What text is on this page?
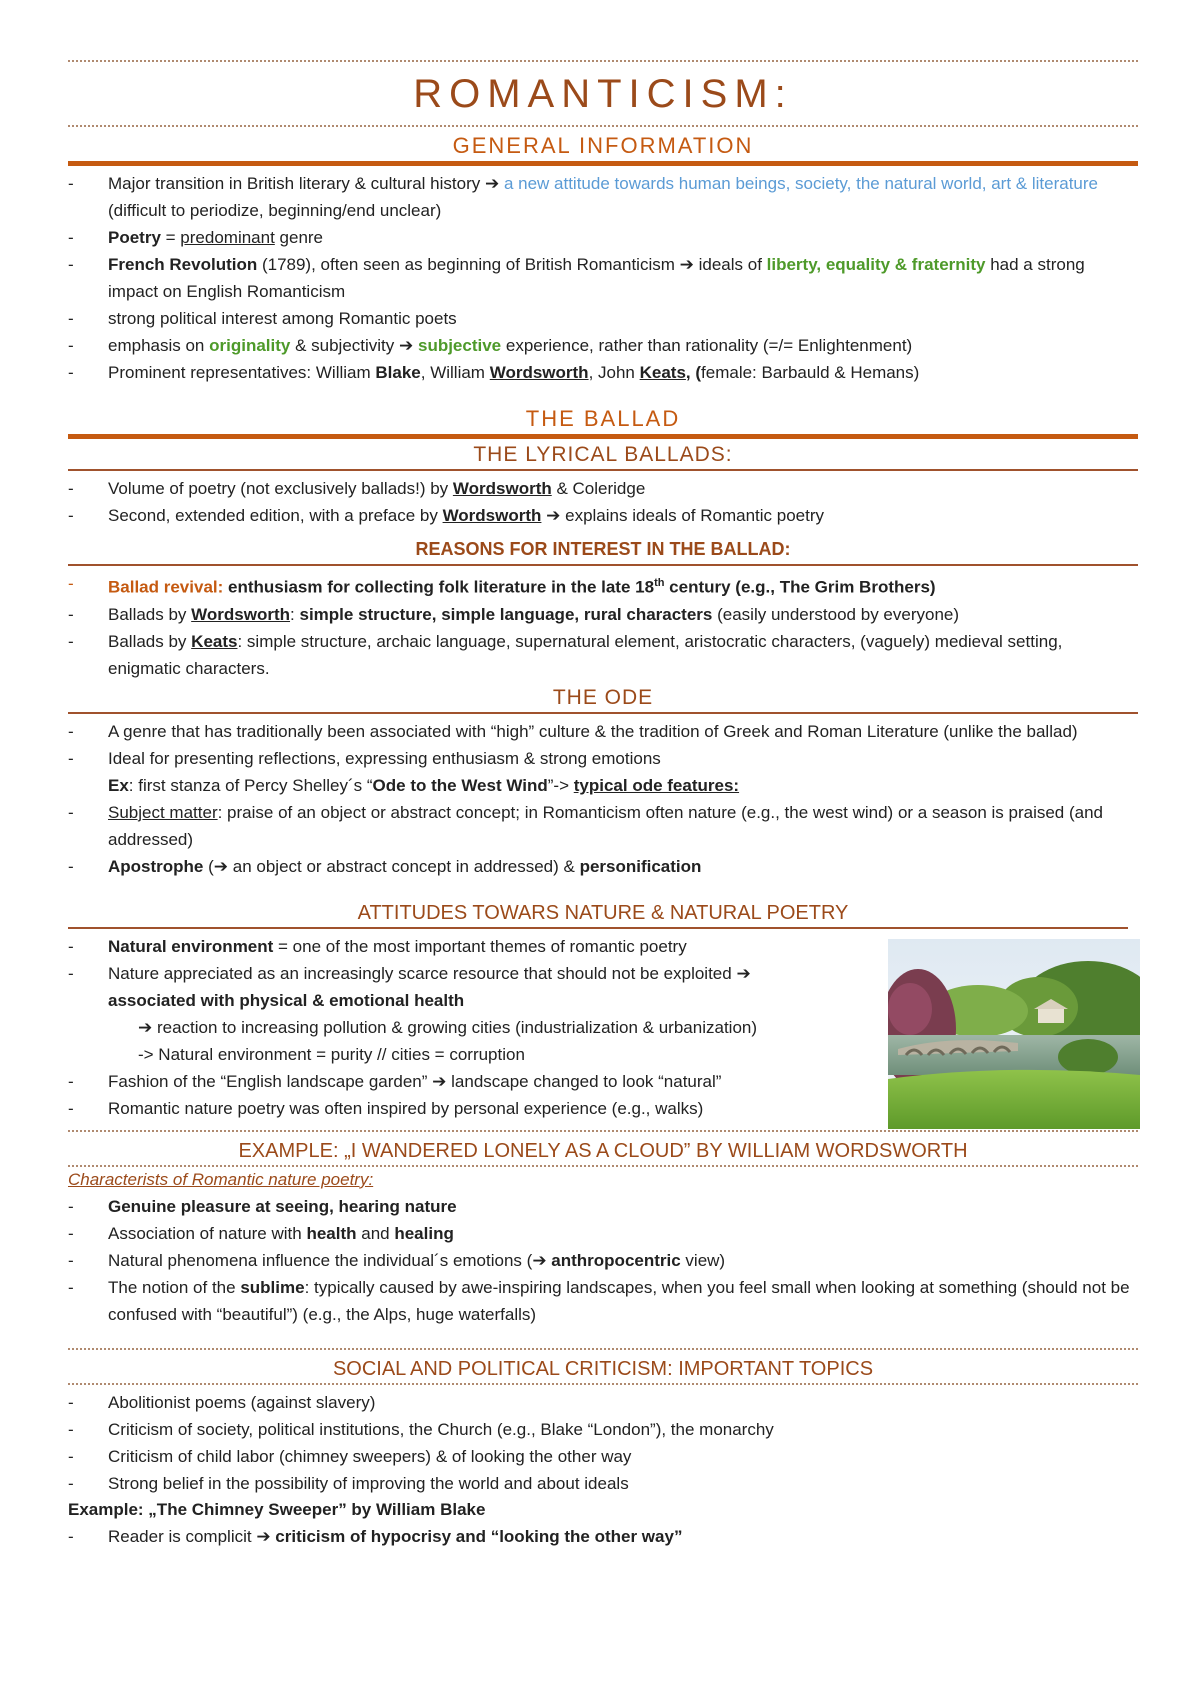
ROMANTICISM:
GENERAL INFORMATION
- Major transition in British literary & cultural history ➔ a new attitude towards human beings, society, the natural world, art & literature (difficult to periodize, beginning/end unclear)
- Poetry = predominant genre
- French Revolution (1789), often seen as beginning of British Romanticism ➔ ideals of liberty, equality & fraternity had a strong impact on English Romanticism
- strong political interest among Romantic poets
- emphasis on originality & subjectivity ➔ subjective experience, rather than rationality (=/= Enlightenment)
- Prominent representatives: William Blake, William Wordsworth, John Keats, (female: Barbauld & Hemans)
THE BALLAD
THE LYRICAL BALLADS:
- Volume of poetry (not exclusively ballads!) by Wordsworth & Coleridge
- Second, extended edition, with a preface by Wordsworth ➔ explains ideals of Romantic poetry
REASONS FOR INTEREST IN THE BALLAD:
- Ballad revival: enthusiasm for collecting folk literature in the late 18th century (e.g., The Grim Brothers)
- Ballads by Wordsworth: simple structure, simple language, rural characters (easily understood by everyone)
- Ballads by Keats: simple structure, archaic language, supernatural element, aristocratic characters, (vaguely) medieval setting, enigmatic characters.
THE ODE
- A genre that has traditionally been associated with “high” culture & the tradition of Greek and Roman Literature (unlike the ballad)
- Ideal for presenting reflections, expressing enthusiasm & strong emotions
Ex: first stanza of Percy Shelley´s “Ode to the West Wind”-> typical ode features:
- Subject matter: praise of an object or abstract concept; in Romanticism often nature (e.g., the west wind) or a season is praised (and addressed)
- Apostrophe (➔ an object or abstract concept in addressed) & personification
ATTITUDES TOWARS NATURE & NATURAL POETRY
- Natural environment = one of the most important themes of romantic poetry
- Nature appreciated as an increasingly scarce resource that should not be exploited ➔
associated with physical & emotional health
➔ reaction to increasing pollution & growing cities (industrialization & urbanization) -> Natural environment = purity // cities = corruption
- Fashion of the “English landscape garden” ➔ landscape changed to look “natural”
- Romantic nature poetry was often inspired by personal experience (e.g., walks)
EXAMPLE: „I WANDERED LONELY AS A CLOUD” BY WILLIAM WORDSWORTH
Characterists of Romantic nature poetry:
- Genuine pleasure at seeing, hearing nature
- Association of nature with health and healing
- Natural phenomena influence the individual´s emotions (➔ anthropocentric view)
- The notion of the sublime: typically caused by awe-inspiring landscapes, when you feel small when looking at something (should not be confused with “beautiful”) (e.g., the Alps, huge waterfalls)
SOCIAL AND POLITICAL CRITICISM: IMPORTANT TOPICS
- Abolitionist poems (against slavery)
- Criticism of society, political institutions, the Church (e.g., Blake “London”), the monarchy
- Criticism of child labor (chimney sweepers) & of looking the other way
- Strong belief in the possibility of improving the world and about ideals
Example: „The Chimney Sweeper” by William Blake
- Reader is complicit ➔ criticism of hypocrisy and “looking the other way”
